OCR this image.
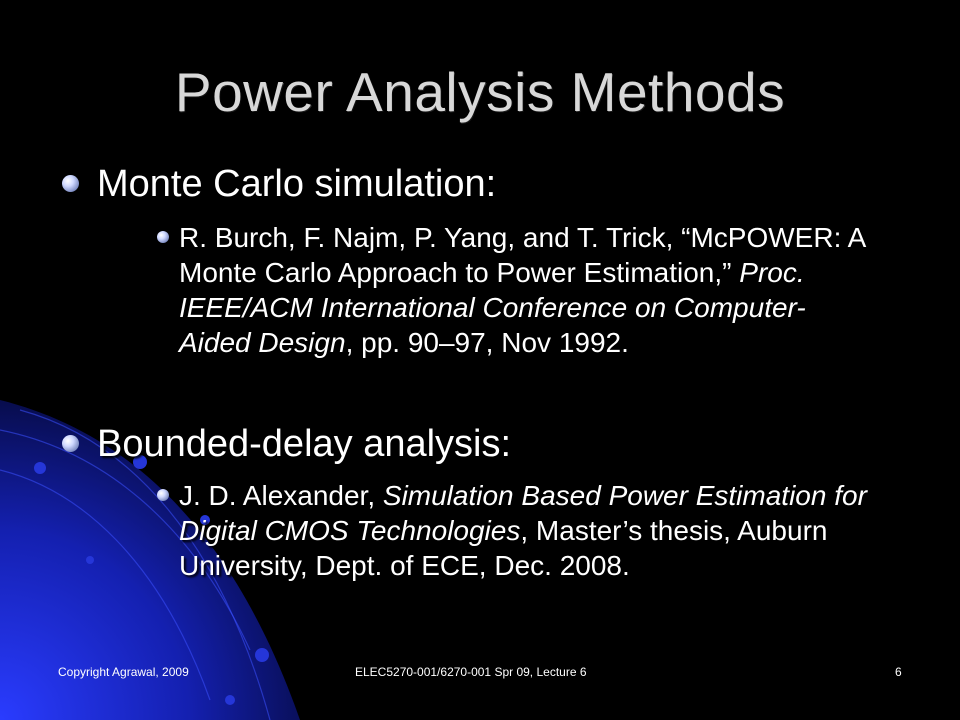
Power Analysis Methods
Monte Carlo simulation:
R. Burch, F. Najm, P. Yang, and T. Trick, “McPOWER: A Monte Carlo Approach to Power Estimation,” Proc. IEEE/ACM International Conference on Computer-Aided Design, pp. 90–97, Nov 1992.
Bounded-delay analysis:
J. D. Alexander, Simulation Based Power Estimation for Digital CMOS Technologies, Master’s thesis, Auburn University, Dept. of ECE, Dec. 2008.
Copyright Agrawal, 2009	ELEC5270-001/6270-001 Spr 09, Lecture 6	6
